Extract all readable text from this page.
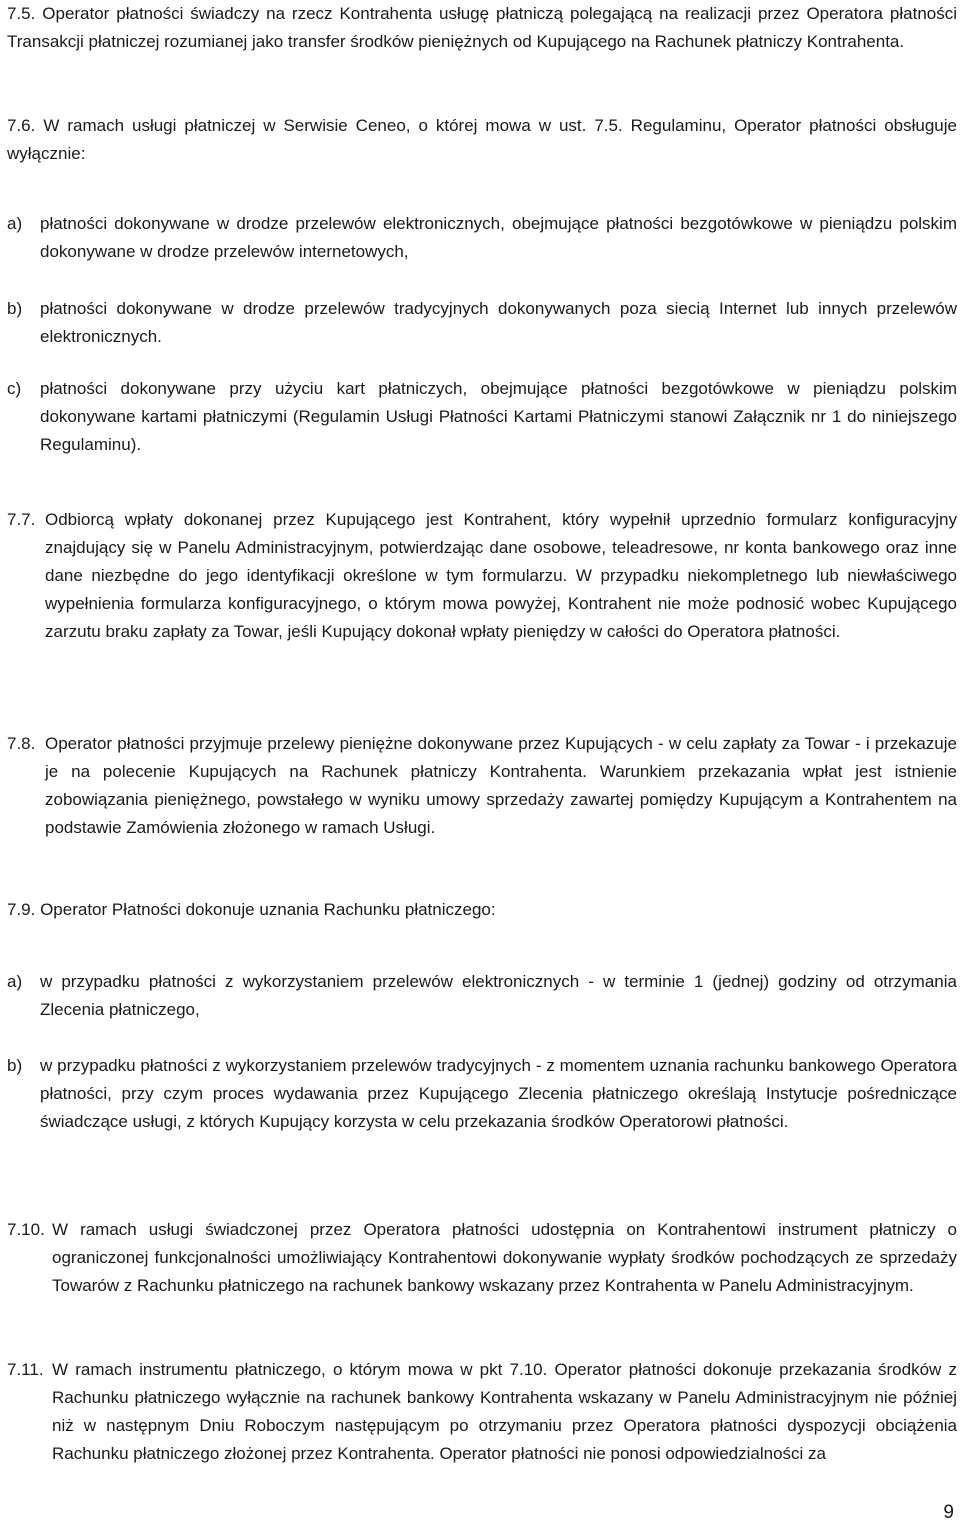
7.5. Operator płatności świadczy na rzecz Kontrahenta usługę płatniczą polegającą na realizacji przez Operatora płatności Transakcji płatniczej rozumianej jako transfer środków pieniężnych od Kupującego na Rachunek płatniczy Kontrahenta.
7.6. W ramach usługi płatniczej w Serwisie Ceneo, o której mowa w ust. 7.5. Regulaminu, Operator płatności obsługuje wyłącznie:
a) płatności dokonywane w drodze przelewów elektronicznych, obejmujące płatności bezgotówkowe w pieniądzu polskim dokonywane w drodze przelewów internetowych,
b) płatności dokonywane w drodze przelewów tradycyjnych dokonywanych poza siecią Internet lub innych przelewów elektronicznych.
c) płatności dokonywane przy użyciu kart płatniczych, obejmujące płatności bezgotówkowe w pieniądzu polskim dokonywane kartami płatniczymi (Regulamin Usługi Płatności Kartami Płatniczymi stanowi Załącznik nr 1 do niniejszego Regulaminu).
7.7. Odbiorcą wpłaty dokonanej przez Kupującego jest Kontrahent, który wypełnił uprzednio formularz konfiguracyjny znajdujący się w Panelu Administracyjnym, potwierdzając dane osobowe, teleadresowe, nr konta bankowego oraz inne dane niezbędne do jego identyfikacji określone w tym formularzu. W przypadku niekompletnego lub niewłaściwego wypełnienia formularza konfiguracyjnego, o którym mowa powyżej, Kontrahent nie może podnosić wobec Kupującego zarzutu braku zapłaty za Towar, jeśli Kupujący dokonał wpłaty pieniędzy w całości do Operatora płatności.
7.8. Operator płatności przyjmuje przelewy pieniężne dokonywane przez Kupujących - w celu zapłaty za Towar - i przekazuje je na polecenie Kupujących na Rachunek płatniczy Kontrahenta. Warunkiem przekazania wpłat jest istnienie zobowiązania pieniężnego, powstałego w wyniku umowy sprzedaży zawartej pomiędzy Kupującym a Kontrahentem na podstawie Zamówienia złożonego w ramach Usługi.
7.9. Operator Płatności dokonuje uznania Rachunku płatniczego:
a) w przypadku płatności z wykorzystaniem przelewów elektronicznych - w terminie 1 (jednej) godziny od otrzymania Zlecenia płatniczego,
b) w przypadku płatności z wykorzystaniem przelewów tradycyjnych - z momentem uznania rachunku bankowego Operatora płatności, przy czym proces wydawania przez Kupującego Zlecenia płatniczego określają Instytucje pośredniczące świadczące usługi, z których Kupujący korzysta w celu przekazania środków Operatorowi płatności.
7.10. W ramach usługi świadczonej przez Operatora płatności udostępnia on Kontrahentowi instrument płatniczy o ograniczonej funkcjonalności umożliwiający Kontrahentowi dokonywanie wypłaty środków pochodzących ze sprzedaży Towarów z Rachunku płatniczego na rachunek bankowy wskazany przez Kontrahenta w Panelu Administracyjnym.
7.11. W ramach instrumentu płatniczego, o którym mowa w pkt 7.10. Operator płatności dokonuje przekazania środków z Rachunku płatniczego wyłącznie na rachunek bankowy Kontrahenta wskazany w Panelu Administracyjnym nie później niż w następnym Dniu Roboczym następującym po otrzymaniu przez Operatora płatności dyspozycji obciążenia Rachunku płatniczego złożonej przez Kontrahenta. Operator płatności nie ponosi odpowiedzialności za
9
